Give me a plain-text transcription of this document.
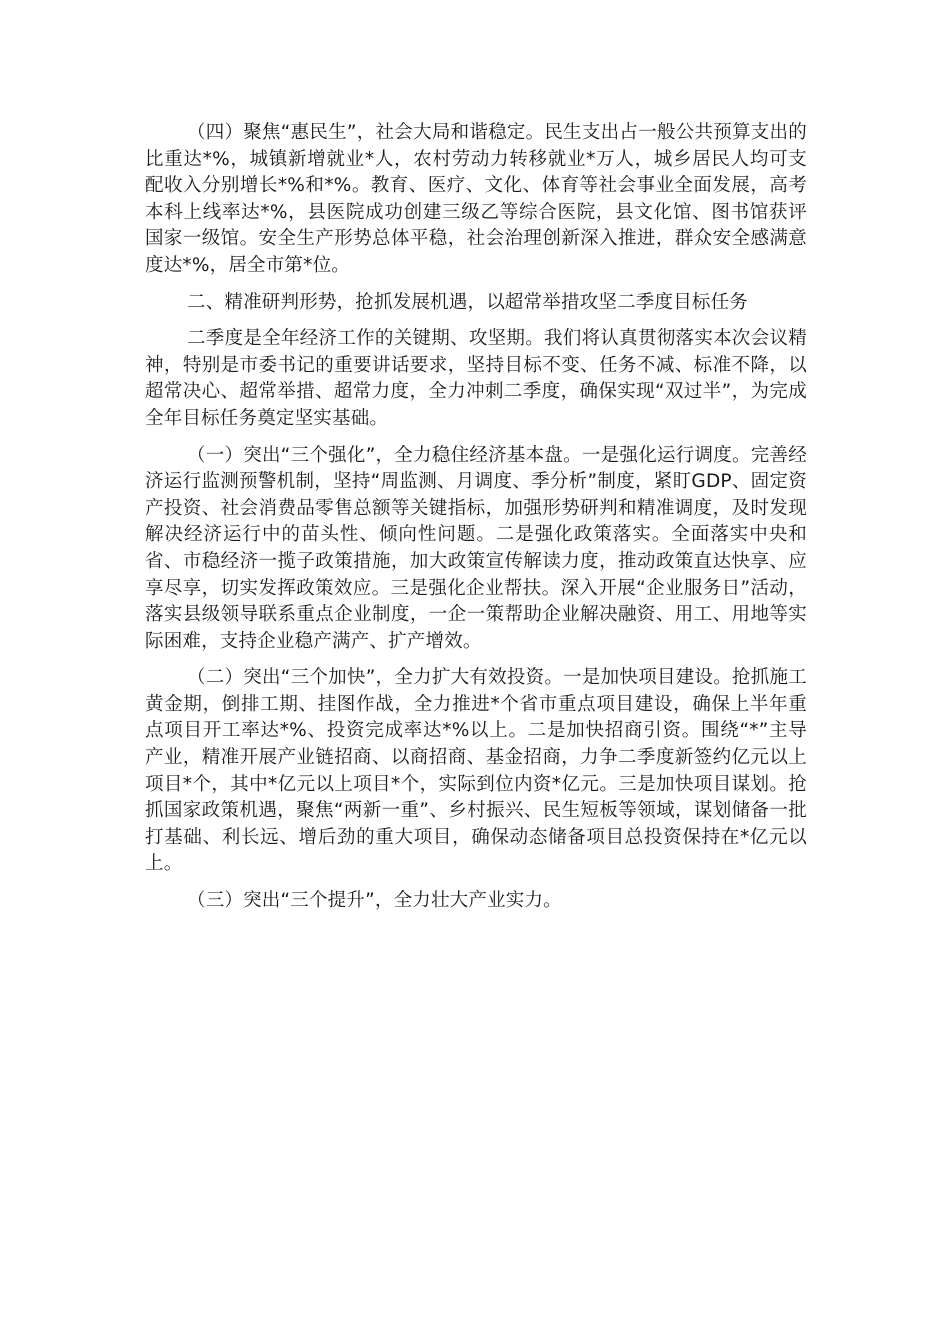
（四）聚焦“惠民生”，社会大局和谐稳定。民生支出占一般公共预算支出的比重达*%，城镇新增就业*人，农村劳动力转移就业*万人，城乡居民人均可支配收入分别增长*%和*%。教育、医疗、文化、体育等社会事业全面发展，高考本科上线率达*%，县医院成功创建三级乙等综合医院，县文化馆、图书馆获评国家一级馆。安全生产形势总体平稳，社会治理创新深入推进，群众安全感满意度达*%，居全市第*位。

二、精准研判形势，抢抓发展机遇，以超常举措攻坚二季度目标任务

二季度是全年经济工作的关键期、攻坚期。我们将认真贯彻落实本次会议精神，特别是市委书记的重要讲话要求，坚持目标不变、任务不减、标准不降，以超常决心、超常举措、超常力度，全力冲刺二季度，确保实现“双过半”，为完成全年目标任务奠定坚实基础。

（一）突出“三个强化”，全力稳住经济基本盘。一是强化运行调度。完善经济运行监测预警机制，坚持“周监测、月调度、季分析”制度，紧盯GDP、固定资产投资、社会消费品零售总额等关键指标，加强形势研判和精准调度，及时发现解决经济运行中的苗头性、倾向性问题。二是强化政策落实。全面落实中央和省、市稳经济一揽子政策措施，加大政策宣传解读力度，推动政策直达快享、应享尽享，切实发挥政策效应。三是强化企业帮扶。深入开展“企业服务日”活动，落实县级领导联系重点企业制度，一企一策帮助企业解决融资、用工、用地等实际困难，支持企业稳产满产、扩产增效。

（二）突出“三个加快”，全力扩大有效投资。一是加快项目建设。抢抓施工黄金期，倒排工期、挂图作战，全力推进*个省市重点项目建设，确保上半年重点项目开工率达*%、投资完成率达*%以上。二是加快招商引资。围绕“*”主导产业，精准开展产业链招商、以商招商、基金招商，力争二季度新签约亿元以上项目*个，其中*亿元以上项目*个，实际到位内资*亿元。三是加快项目谋划。抢抓国家政策机遇，聚焦“两新一重”、乡村振兴、民生短板等领域，谋划储备一批打基础、利长远、增后劲的重大项目，确保动态储备项目总投资保持在*亿元以上。

（三）突出“三个提升”，全力壮大产业实力。
